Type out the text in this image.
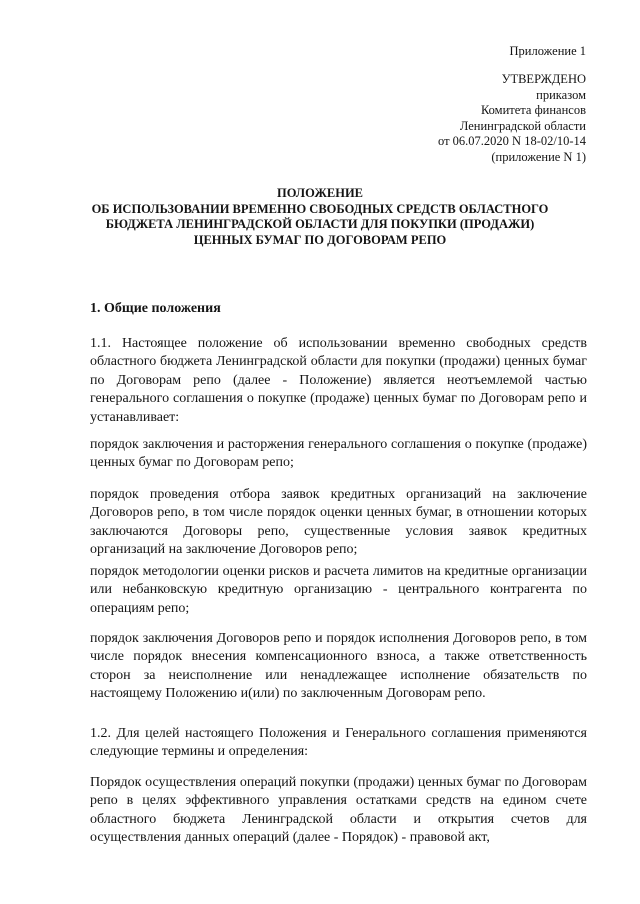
Приложение 1
УТВЕРЖДЕНО
приказом
Комитета финансов
Ленинградской области
от 06.07.2020 N 18-02/10-14
(приложение N 1)
ПОЛОЖЕНИЕ
ОБ ИСПОЛЬЗОВАНИИ ВРЕМЕННО СВОБОДНЫХ СРЕДСТВ ОБЛАСТНОГО
БЮДЖЕТА ЛЕНИНГРАДСКОЙ ОБЛАСТИ ДЛЯ ПОКУПКИ (ПРОДАЖИ)
ЦЕННЫХ БУМАГ ПО ДОГОВОРАМ РЕПО
1. Общие положения

1.1. Настоящее положение об использовании временно свободных средств областного бюджета Ленинградской области для покупки (продажи) ценных бумаг по Договорам репо (далее - Положение) является неотъемлемой частью генерального соглашения о покупке (продаже) ценных бумаг по Договорам репо и устанавливает:

порядок заключения и расторжения генерального соглашения о покупке (продаже) ценных бумаг по Договорам репо;

порядок проведения отбора заявок кредитных организаций на заключение Договоров репо, в том числе порядок оценки ценных бумаг, в отношении которых заключаются Договоры репо, существенные условия заявок кредитных организаций на заключение Договоров репо;

порядок методологии оценки рисков и расчета лимитов на кредитные организации или небанковскую кредитную организацию - центрального контрагента по операциям репо;

порядок заключения Договоров репо и порядок исполнения Договоров репо, в том числе порядок внесения компенсационного взноса, а также ответственность сторон за неисполнение или ненадлежащее исполнение обязательств по настоящему Положению и(или) по заключенным Договорам репо.

1.2. Для целей настоящего Положения и Генерального соглашения применяются следующие термины и определения:

Порядок осуществления операций покупки (продажи) ценных бумаг по Договорам репо в целях эффективного управления остатками средств на едином счете областного бюджета Ленинградской области и открытия счетов для осуществления данных операций (далее - Порядок) - правовой акт,
